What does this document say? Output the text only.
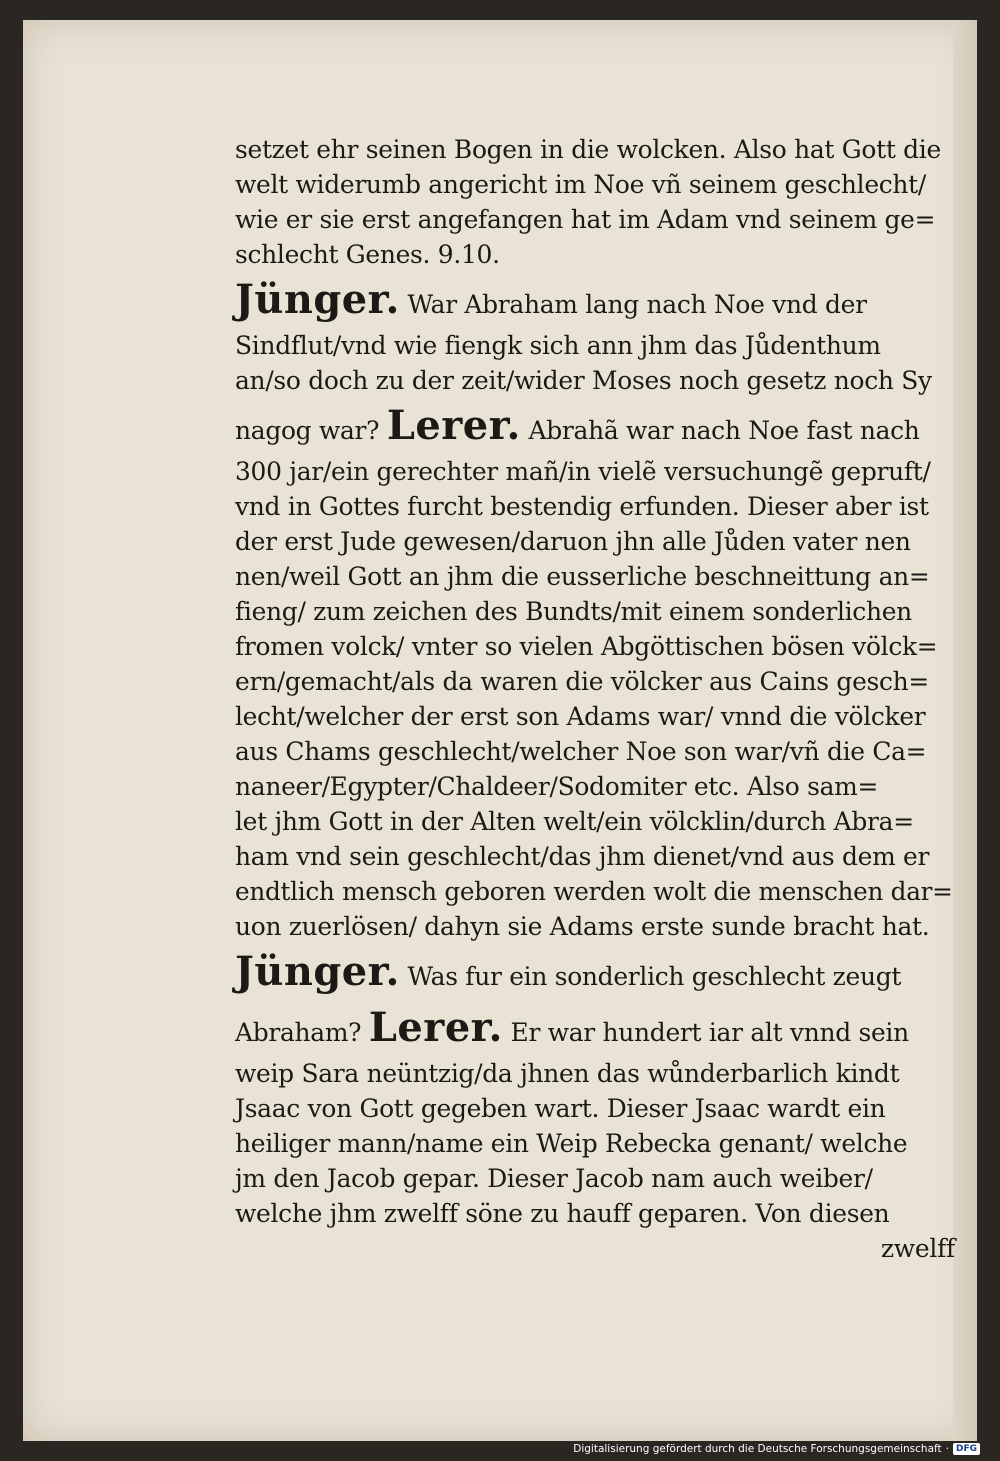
setzet ehr seinen Bogen in die wolcken. Also hat Gott die
welt widerumb angericht im Noe vñ seinem geschlecht/
wie er sie erst angefangen hat im Adam vnd seinem ge=
schlecht Genes. 9.10.
Jünger. War Abraham lang nach Noe vnd der
Sindflut/vnd wie fiengk sich ann jhm das Jůdenthum
an/so doch zu der zeit/wider Moses noch gesetz noch Sy
nagog war? Lerer. Abrahã war nach Noe fast nach
300 jar/ein gerechter mañ/in vielẽ versuchungẽ gepruft/
vnd in Gottes furcht bestendig erfunden. Dieser aber ist
der erst Jude gewesen/daruon jhn alle Jůden vater nen
nen/weil Gott an jhm die eusserliche beschneittung an=
fieng/ zum zeichen des Bundts/mit einem sonderlichen
fromen volck/ vnter so vielen Abgöttischen bösen völck=
ern/gemacht/als da waren die völcker aus Cains gesch=
lecht/welcher der erst son Adams war/ vnnd die völcker
aus Chams geschlecht/welcher Noe son war/vñ die Ca=
naneer/Egypter/Chaldeer/Sodomiter etc. Also sam=
let jhm Gott in der Alten welt/ein völcklin/durch Abra=
ham vnd sein geschlecht/das jhm dienet/vnd aus dem er
endtlich mensch geboren werden wolt die menschen dar=
uon zuerlösen/ dahyn sie Adams erste sunde bracht hat.
Jünger. Was fur ein sonderlich geschlecht zeugt
Abraham? Lerer. Er war hundert iar alt vnnd sein
weip Sara neüntzig/da jhnen das wůnderbarlich kindt
Jsaac von Gott gegeben wart. Dieser Jsaac wardt ein
heiliger mann/name ein Weip Rebecka genant/ welche
jm den Jacob gepar. Dieser Jacob nam auch weiber/
welche jhm zwelff söne zu hauff geparen. Von diesen
zwelff
Digitalisierung gefördert durch die Deutsche Forschungsgemeinschaft · DFG
